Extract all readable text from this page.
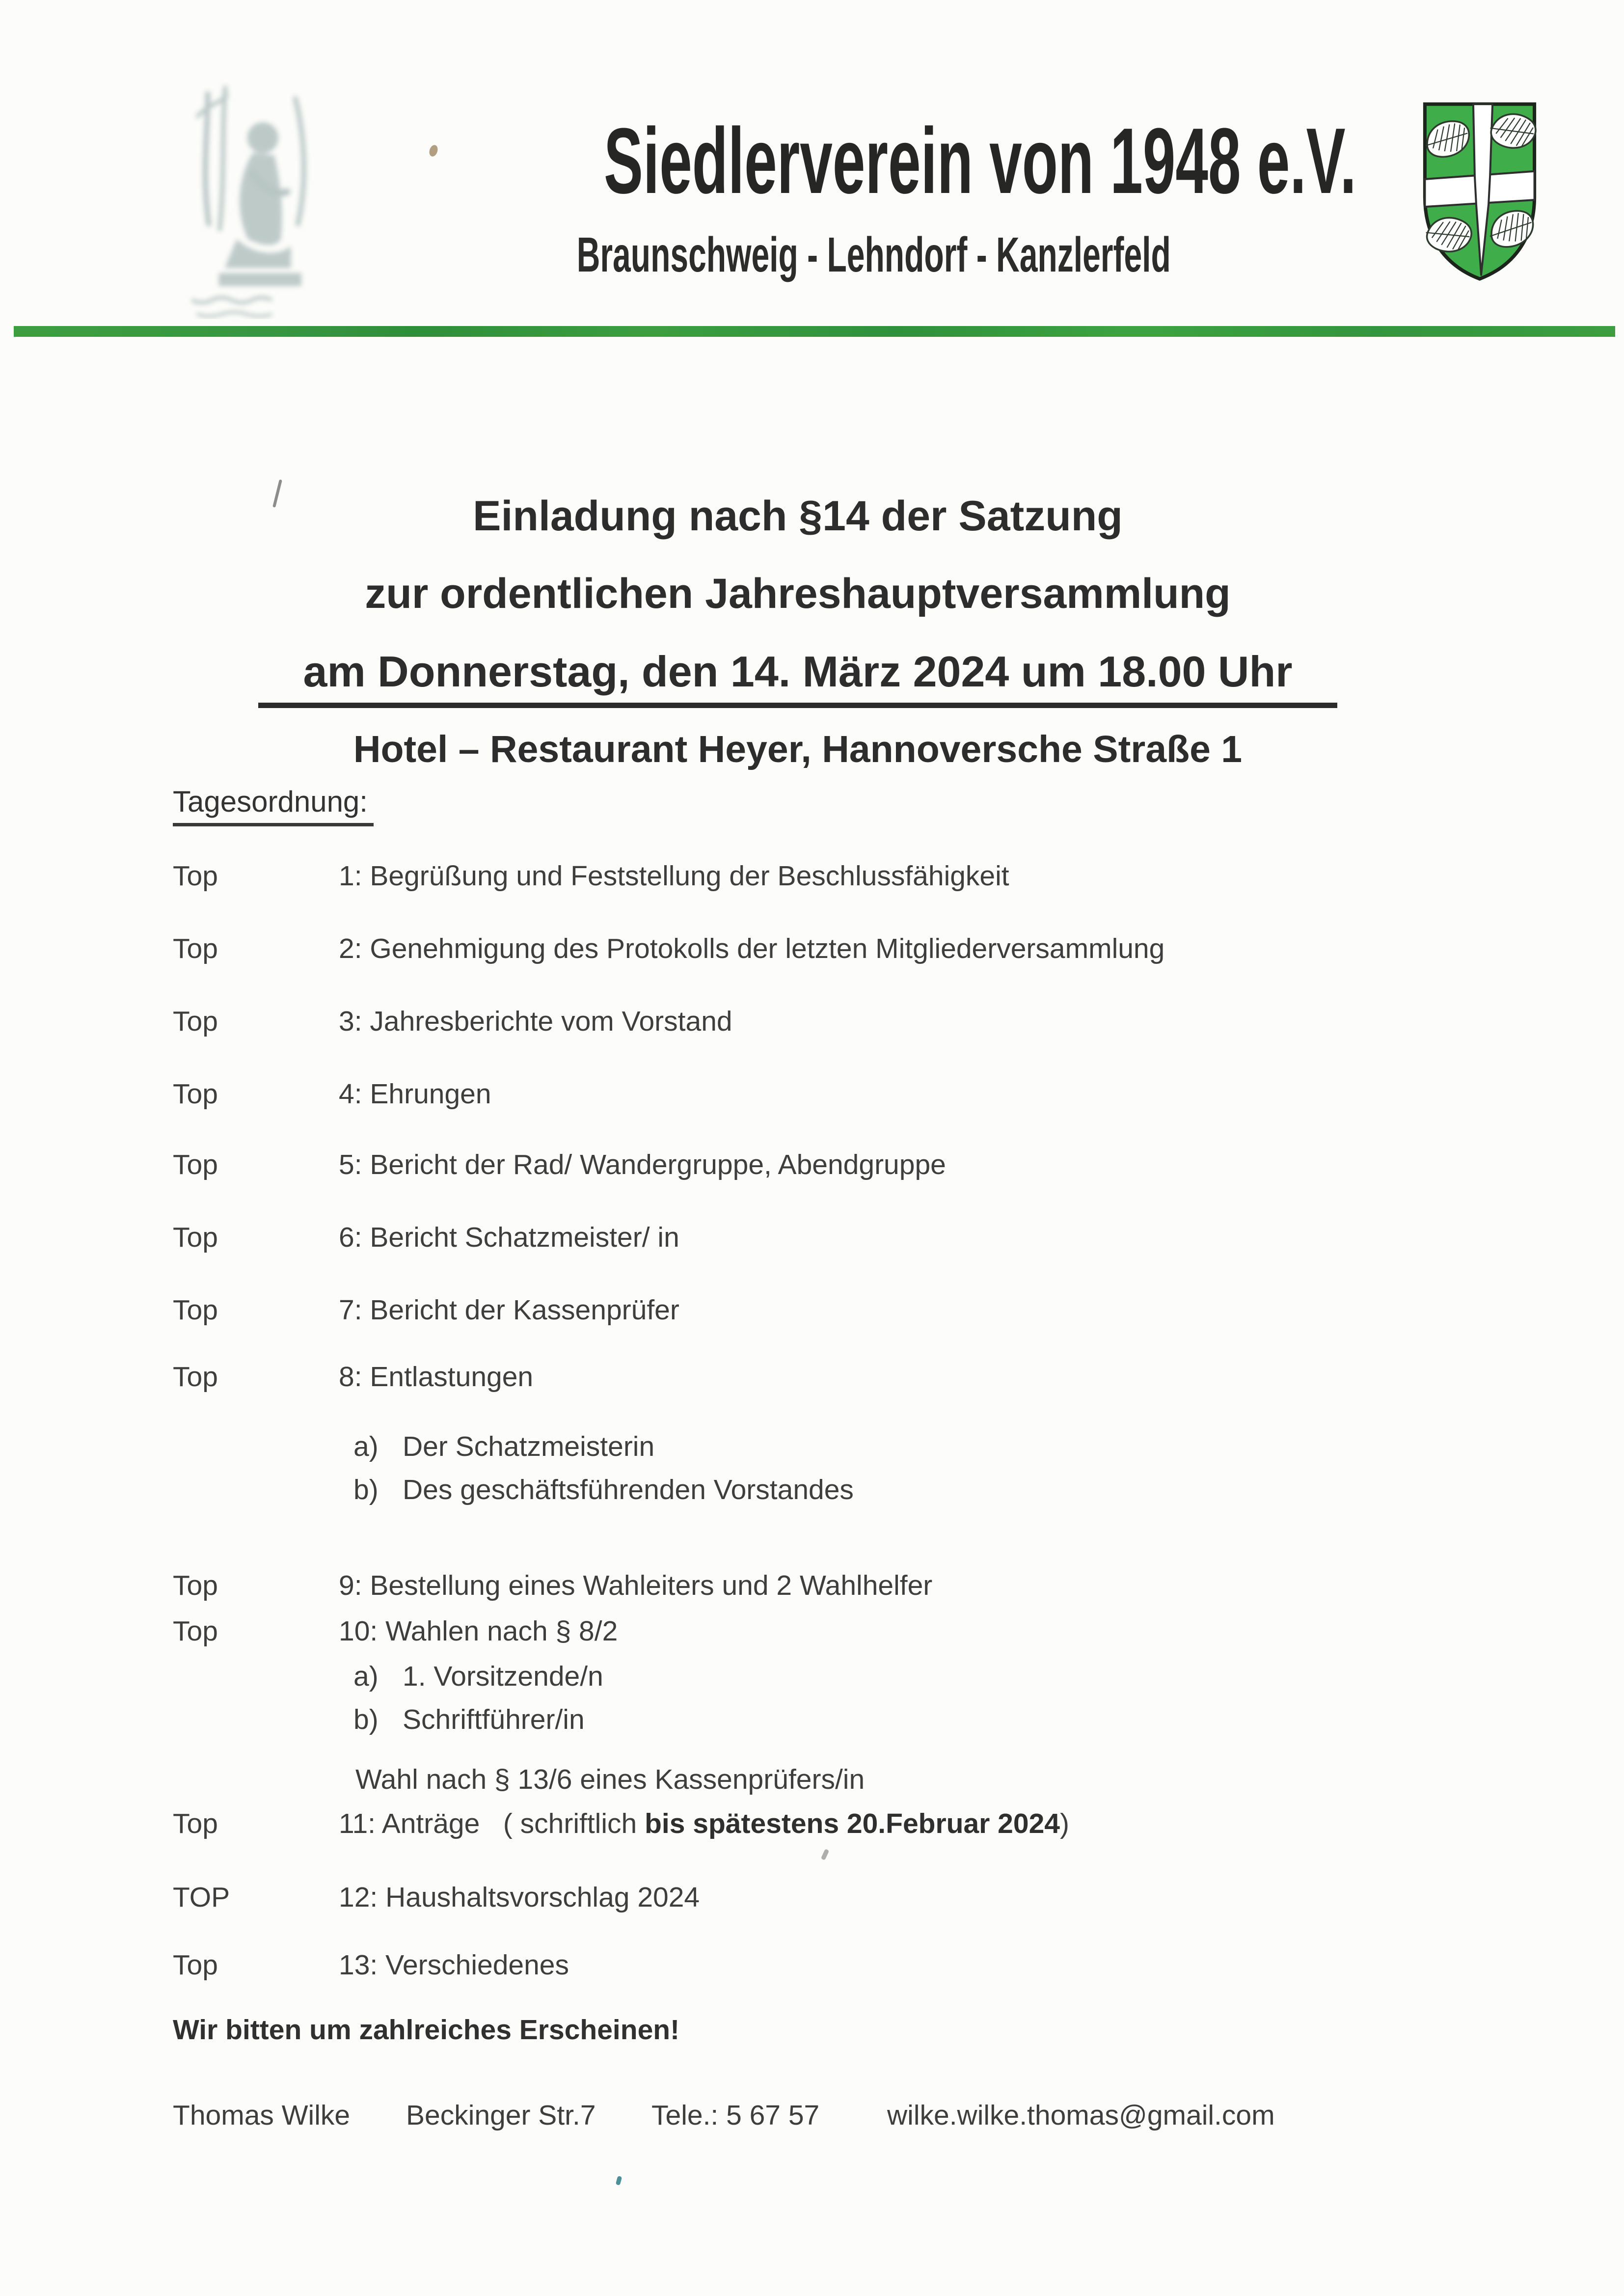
Siedlerverein von 1948 e.V.
Braunschweig - Lehndorf - Kanzlerfeld
Einladung nach §14 der Satzung
zur ordentlichen Jahreshauptversammlung
am Donnerstag, den 14. März 2024 um 18.00 Uhr
Hotel – Restaurant Heyer, Hannoversche Straße 1
Tagesordnung:
Top	1: Begrüßung und Feststellung der Beschlussfähigkeit
Top	2: Genehmigung des Protokolls der letzten Mitgliederversammlung
Top	3: Jahresberichte vom Vorstand
Top	4: Ehrungen
Top	5: Bericht der Rad/ Wandergruppe, Abendgruppe
Top	6: Bericht Schatzmeister/ in
Top	7: Bericht der Kassenprüfer
Top	8: Entlastungen
a) Der Schatzmeisterin
b) Des geschäftsführenden Vorstandes
Top	9: Bestellung eines Wahleiters und 2 Wahlhelfer
Top	10: Wahlen nach § 8/2
a) 1. Vorsitzende/n
b) Schriftführer/in
Wahl nach § 13/6 eines Kassenprüfers/in
Top	11: Anträge   ( schriftlich bis spätestens 20.Februar 2024)
TOP	12: Haushaltsvorschlag 2024
Top	13: Verschiedenes
Wir bitten um zahlreiches Erscheinen!
Thomas Wilke	Beckinger Str.7	Tele.: 5 67 57	wilke.wilke.thomas@gmail.com
